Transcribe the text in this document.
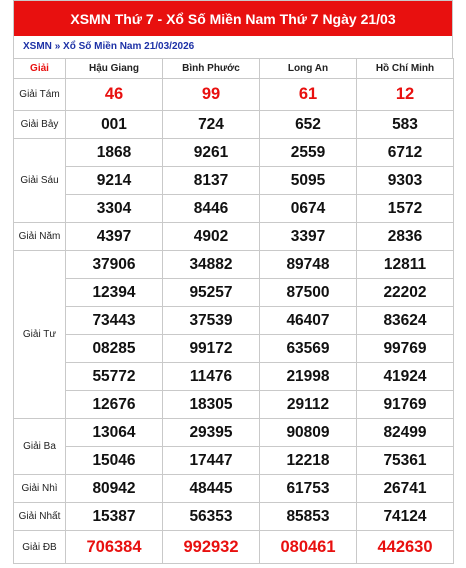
XSMN Thứ 7 - Xổ Số Miền Nam Thứ 7 Ngày 21/03
XSMN » Xổ Số Miền Nam 21/03/2026
Giải	Hậu Giang	Bình Phước	Long An	Hồ Chí Minh
Giải Tám	46	99	61	12
Giải Bảy	001	724	652	583
Giải Sáu	1868	9261	2559	6712
	9214	8137	5095	9303
	3304	8446	0674	1572
Giải Năm	4397	4902	3397	2836
Giải Tư	37906	34882	89748	12811
	12394	95257	87500	22202
	73443	37539	46407	83624
	08285	99172	63569	99769
	55772	11476	21998	41924
	12676	18305	29112	91769
Giải Ba	13064	29395	90809	82499
	15046	17447	12218	75361
Giải Nhì	80942	48445	61753	26741
Giải Nhất	15387	56353	85853	74124
Giải ĐB	706384	992932	080461	442630
